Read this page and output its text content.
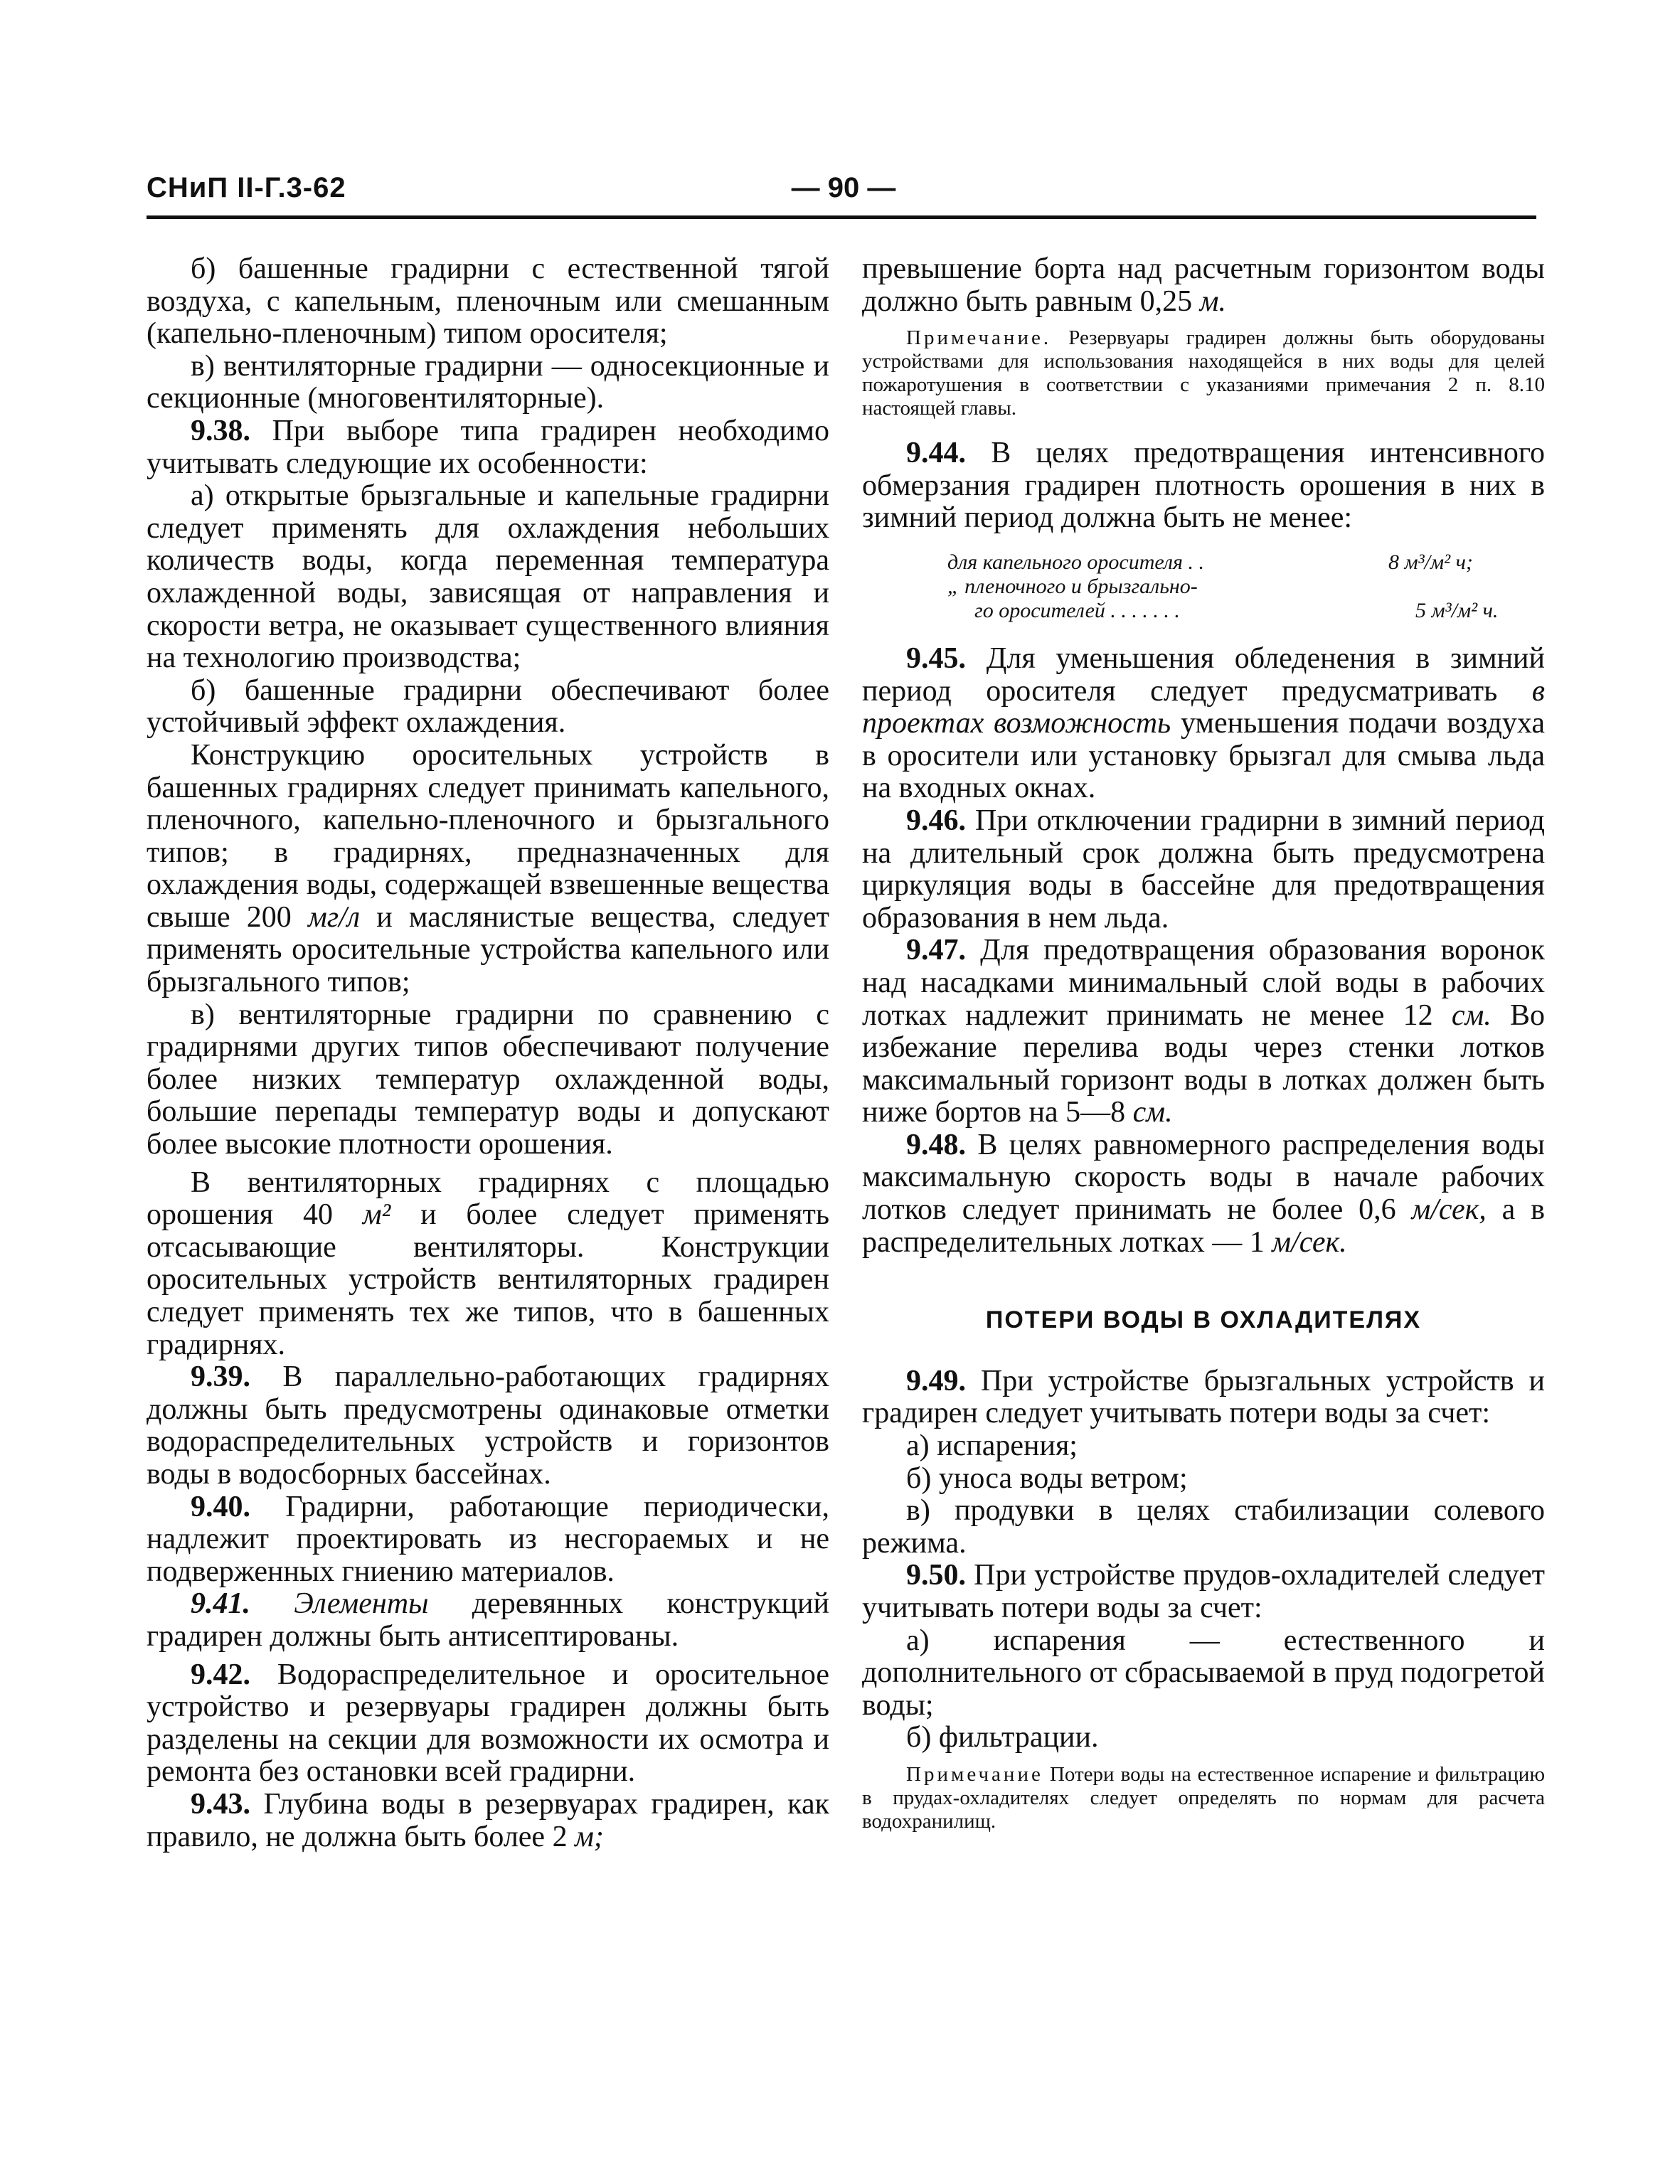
СНиП II-Г.3-62	— 90 —

б) башенные градирни с естественной тягой воздуха, с капельным, пленочным или смешанным (капельно-пленочным) типом оросителя;

в) вентиляторные градирни — односекционные и секционные (многовентиляторные).

9.38. При выборе типа градирен необходимо учитывать следующие их особенности:

а) открытые брызгальные и капельные градирни следует применять для охлаждения небольших количеств воды, когда переменная температура охлажденной воды, зависящая от направления и скорости ветра, не оказывает существенного влияния на технологию производства;

б) башенные градирни обеспечивают более устойчивый эффект охлаждения.

Конструкцию оросительных устройств в башенных градирнях следует принимать капельного, пленочного, капельно-пленочного и брызгального типов; в градирнях, предназначенных для охлаждения воды, содержащей взвешенные вещества свыше 200 мг/л и маслянистые вещества, следует применять оросительные устройства капельного или брызгального типов;

в) вентиляторные градирни по сравнению с градирнями других типов обеспечивают получение более низких температур охлажденной воды, большие перепады температур воды и допускают более высокие плотности орошения.

В вентиляторных градирнях с площадью орошения 40 м² и более следует применять отсасывающие вентиляторы. Конструкции оросительных устройств вентиляторных градирен следует применять тех же типов, что в башенных градирнях.

9.39. В параллельно-работающих градирнях должны быть предусмотрены одинаковые отметки водораспределительных устройств и горизонтов воды в водосборных бассейнах.

9.40. Градирни, работающие периодически, надлежит проектировать из несгораемых и не подверженных гниению материалов.

9.41. Элементы деревянных конструкций градирен должны быть антисептированы.

9.42. Водораспределительное и оросительное устройство и резервуары градирен должны быть разделены на секции для возможности их осмотра и ремонта без остановки всей градирни.

9.43. Глубина воды в резервуарах градирен, как правило, не должна быть более 2 м;

превышение борта над расчетным горизонтом воды должно быть равным 0,25 м.

Примечание. Резервуары градирен должны быть оборудованы устройствами для использования находящейся в них воды для целей пожаротушения в соответствии с указаниями примечания 2 п. 8.10 настоящей главы.

9.44. В целях предотвращения интенсивного обмерзания градирен плотность орошения в них в зимний период должна быть не менее:

для капельного оросителя . .	8 м³/м² ч;
„ пленочного и брызгально-
го оросителей . . . . . . .	5 м³/м² ч.

9.45. Для уменьшения обледенения в зимний период оросителя следует предусматривать в проектах возможность уменьшения подачи воздуха в оросители или установку брызгал для смыва льда на входных окнах.

9.46. При отключении градирни в зимний период на длительный срок должна быть предусмотрена циркуляция воды в бассейне для предотвращения образования в нем льда.

9.47. Для предотвращения образования воронок над насадками минимальный слой воды в рабочих лотках надлежит принимать не менее 12 см. Во избежание перелива воды через стенки лотков максимальный горизонт воды в лотках должен быть ниже бортов на 5—8 см.

9.48. В целях равномерного распределения воды максимальную скорость воды в начале рабочих лотков следует принимать не более 0,6 м/сек, а в распределительных лотках — 1 м/сек.

ПОТЕРИ ВОДЫ В ОХЛАДИТЕЛЯХ

9.49. При устройстве брызгальных устройств и градирен следует учитывать потери воды за счет:

а) испарения;

б) уноса воды ветром;

в) продувки в целях стабилизации солевого режима.

9.50. При устройстве прудов-охладителей следует учитывать потери воды за счет:

а) испарения — естественного и дополнительного от сбрасываемой в пруд подогретой воды;

б) фильтрации.

Примечание Потери воды на естественное испарение и фильтрацию в прудах-охладителях следует определять по нормам для расчета водохранилищ.
